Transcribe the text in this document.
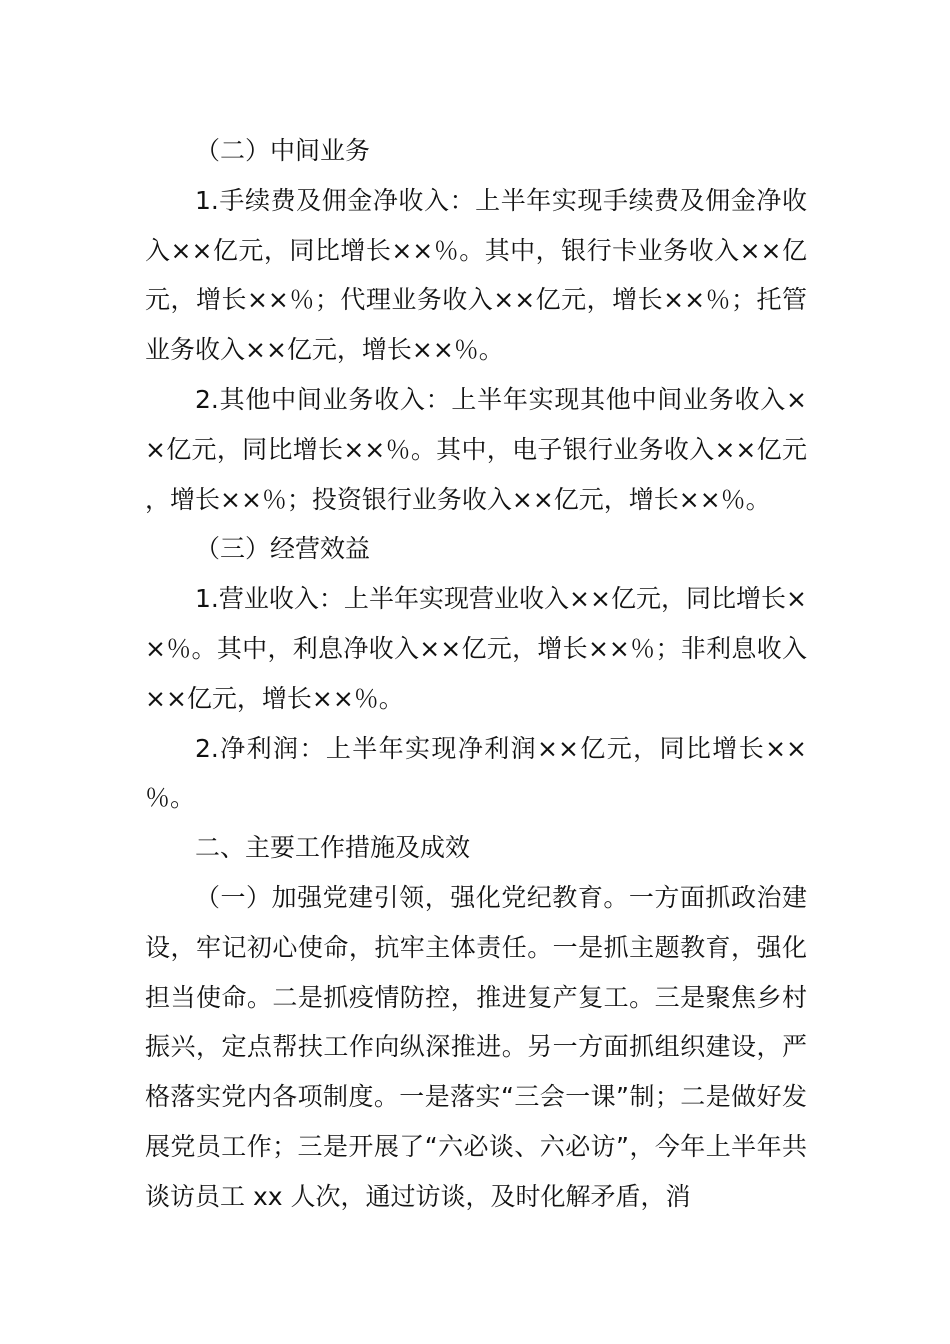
（二）中间业务

1.手续费及佣金净收入：上半年实现手续费及佣金净收入××亿元，同比增长××％。其中，银行卡业务收入××亿元，增长××％；代理业务收入××亿元，增长××％；托管业务收入××亿元，增长××％。

2.其他中间业务收入：上半年实现其他中间业务收入××亿元，同比增长××％。其中，电子银行业务收入××亿元，增长××％；投资银行业务收入××亿元，增长××％。

（三）经营效益

1.营业收入：上半年实现营业收入××亿元，同比增长××％。其中，利息净收入××亿元，增长××％；非利息收入××亿元，增长××％。

2.净利润：上半年实现净利润××亿元，同比增长×× ％。

二、主要工作措施及成效

（一）加强党建引领，强化党纪教育。一方面抓政治建设，牢记初心使命，抗牢主体责任。一是抓主题教育，强化担当使命。二是抓疫情防控，推进复产复工。三是聚焦乡村振兴，定点帮扶工作向纵深推进。另一方面抓组织建设，严格落实党内各项制度。一是落实“三会一课”制；二是做好发展党员工作；三是开展了“六必谈、六必访”，今年上半年共谈访员工 xx 人次，通过访谈，及时化解矛盾，消
